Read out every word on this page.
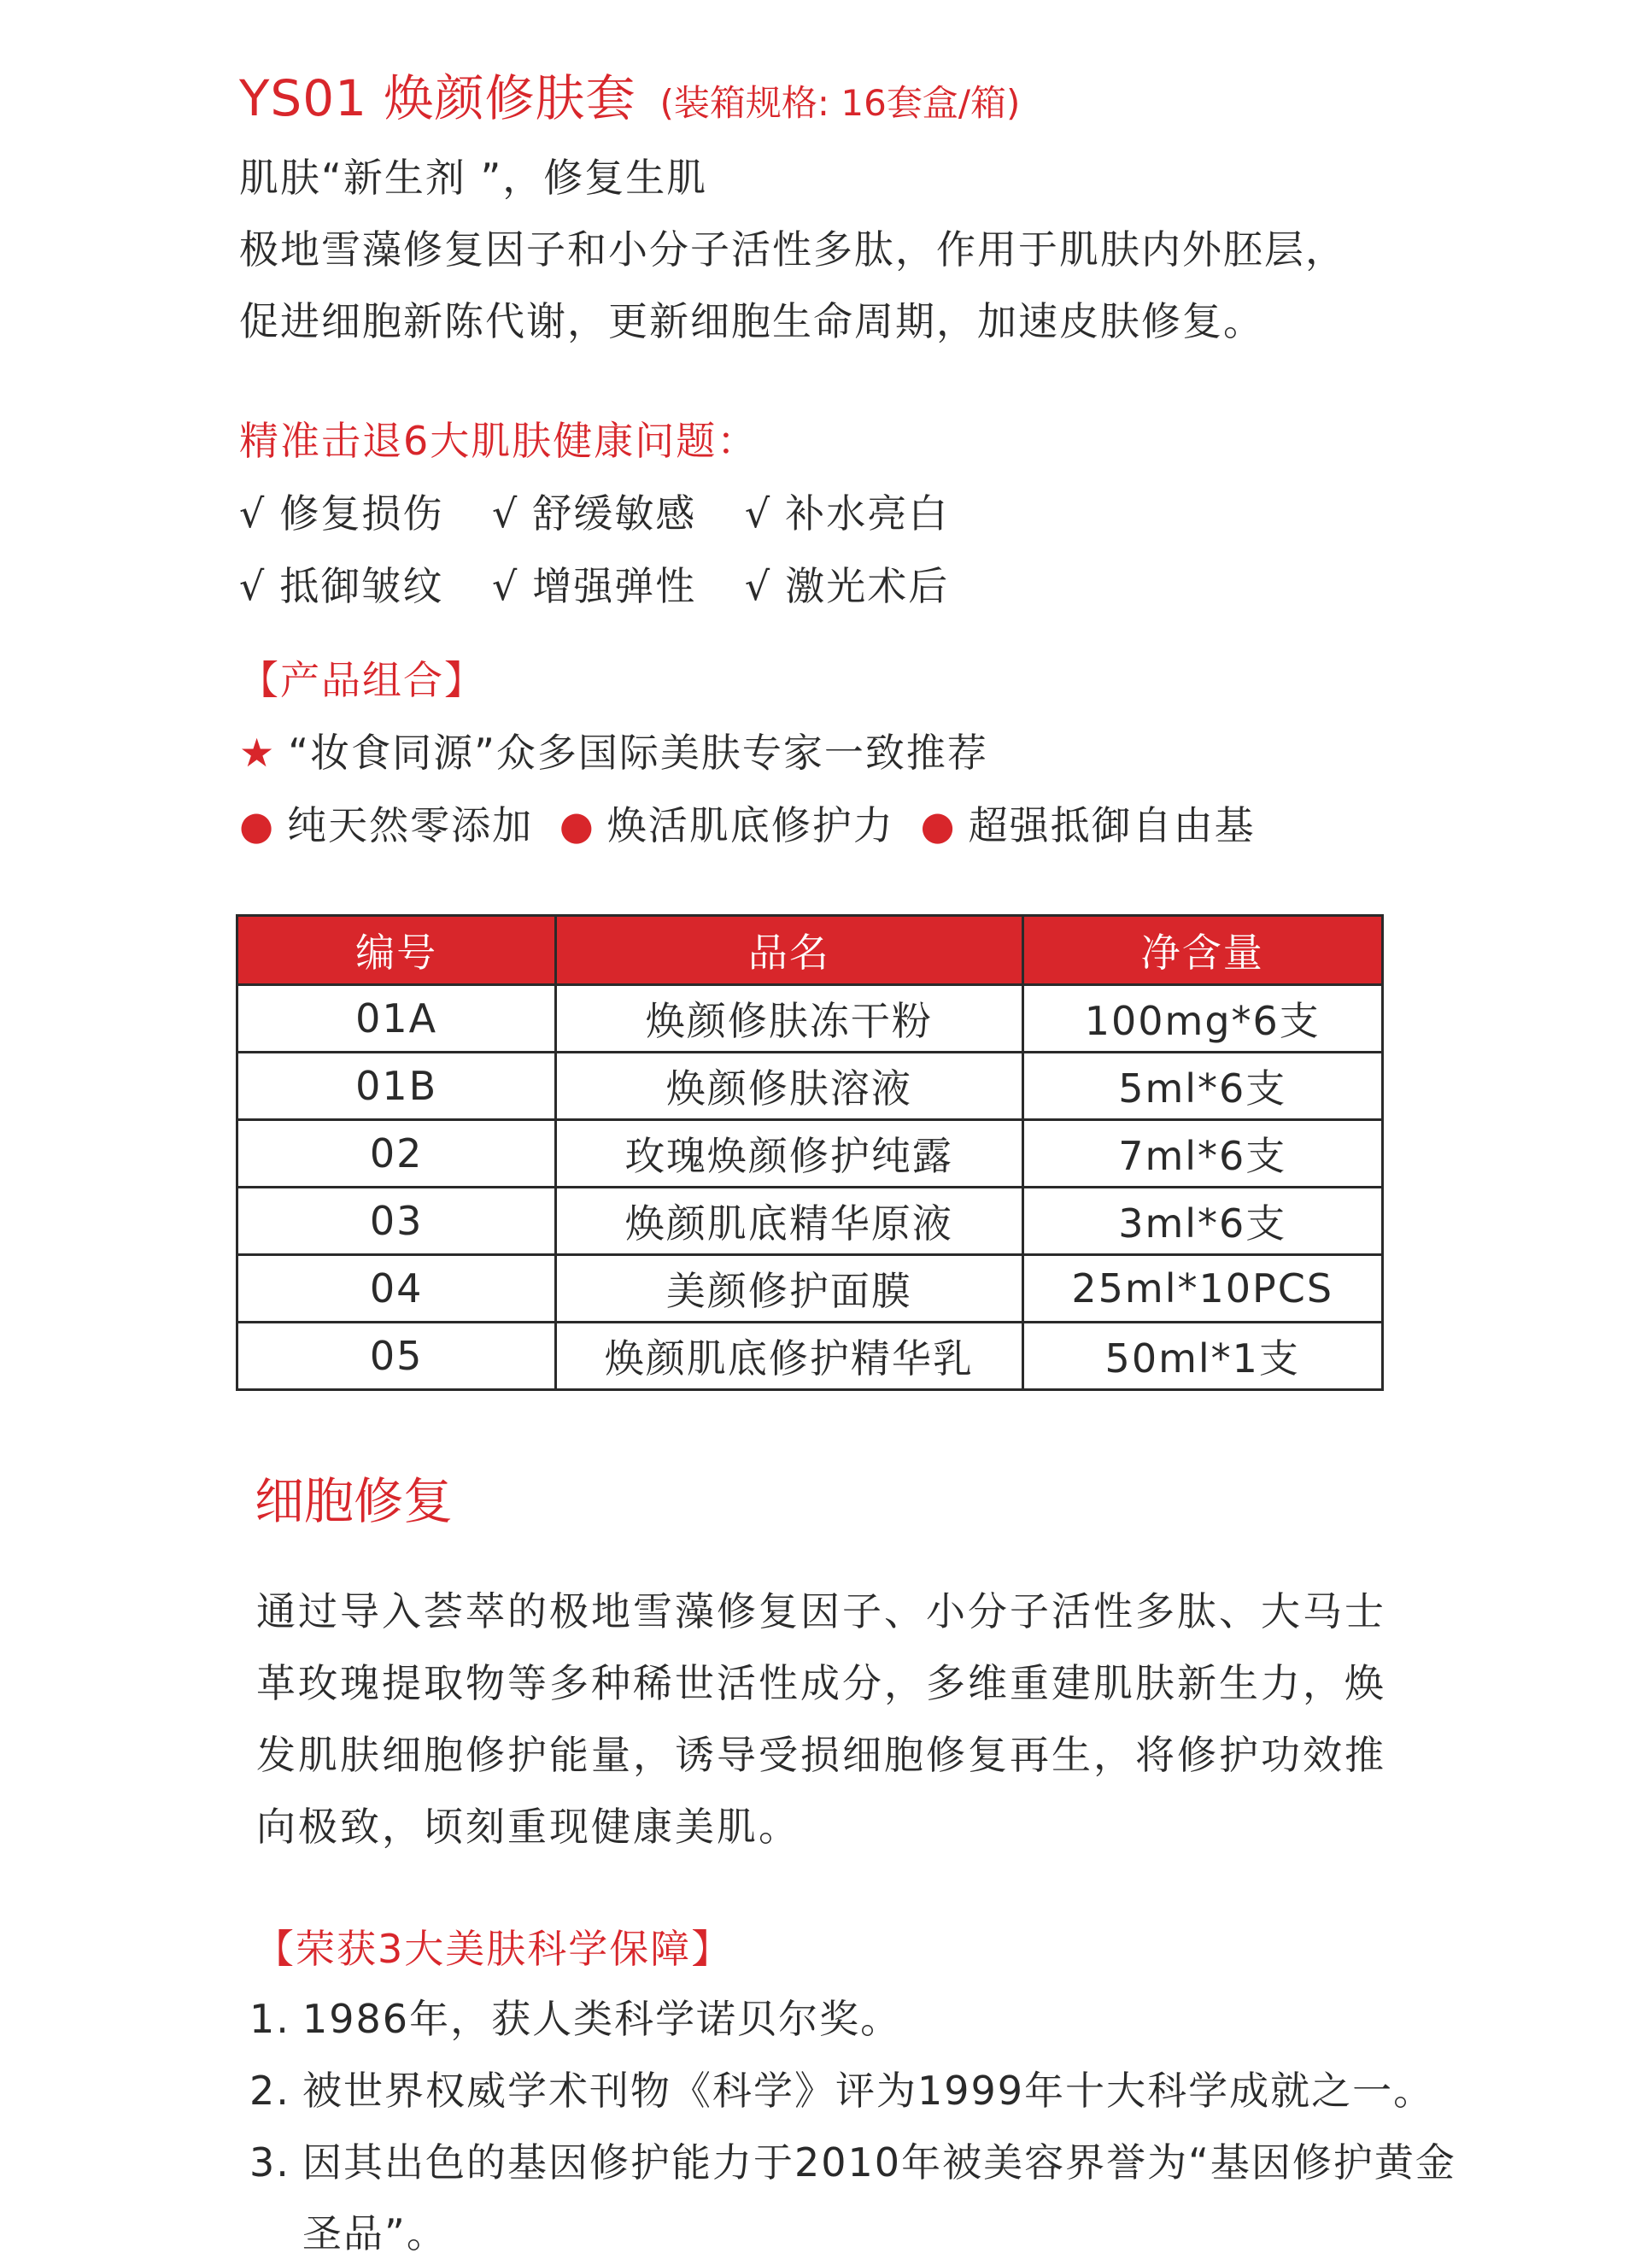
YS01 焕颜修肤套 (装箱规格: 16套盒/箱)
肌肤“新生剂 ”，修复生肌
极地雪藻修复因子和小分子活性多肽，作用于肌肤内外胚层，
促进细胞新陈代谢，更新细胞生命周期，加速皮肤修复。
精准击退6大肌肤健康问题：
√ 修复损伤 √ 舒缓敏感 √ 补水亮白
√ 抵御皱纹 √ 增强弹性 √ 激光术后
【产品组合】
★ “妆食同源”众多国际美肤专家一致推荐
● 纯天然零添加 ● 焕活肌底修护力 ● 超强抵御自由基
编号	品名	净含量
01A	焕颜修肤冻干粉	100mg*6支
01B	焕颜修肤溶液	5ml*6支
02	玫瑰焕颜修护纯露	7ml*6支
03	焕颜肌底精华原液	3ml*6支
04	美颜修护面膜	25ml*10PCS
05	焕颜肌底修护精华乳	50ml*1支
细胞修复
通过导入荟萃的极地雪藻修复因子、小分子活性多肽、大马士
革玫瑰提取物等多种稀世活性成分，多维重建肌肤新生力，焕
发肌肤细胞修护能量，诱导受损细胞修复再生，将修护功效推
向极致，顷刻重现健康美肌。
【荣获3大美肤科学保障】
1. 1986年，获人类科学诺贝尔奖。
2. 被世界权威学术刊物《科学》评为1999年十大科学成就之一。
3. 因其出色的基因修护能力于2010年被美容界誉为“基因修护黄金
圣品”。
